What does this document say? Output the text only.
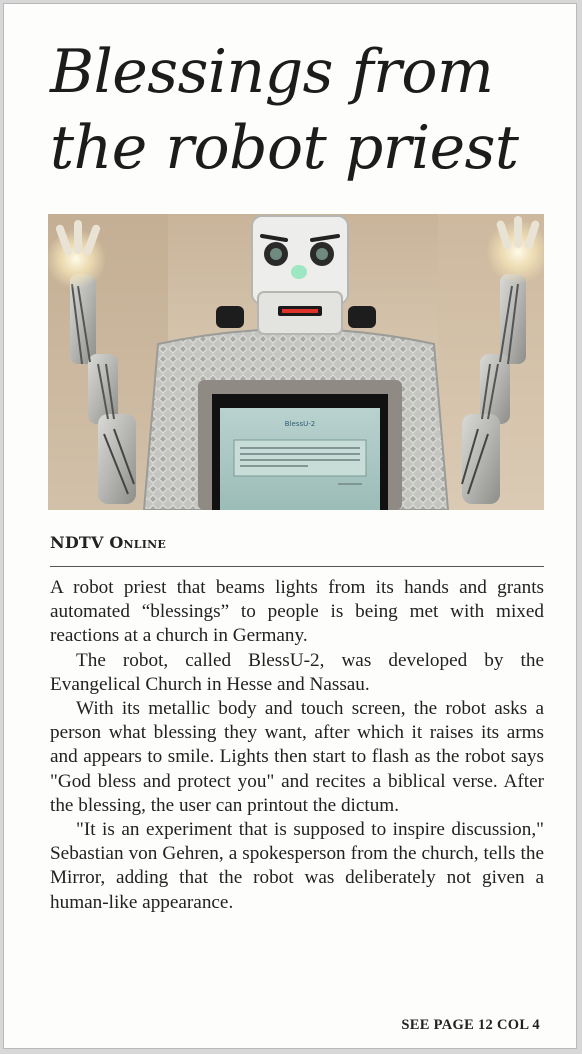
Blessings from
the robot priest
BlessU-2
NDTV Online

A robot priest that beams lights from its hands and grants automated “blessings” to people is being met with mixed reactions at a church in Germany.

The robot, called BlessU-2, was developed by the Evangelical Church in Hesse and Nassau.

With its metallic body and touch screen, the robot asks a person what blessing they want, after which it raises its arms and appears to smile. Lights then start to flash as the robot says "God bless and protect you" and recites a biblical verse. After the blessing, the user can printout the dictum.

"It is an experiment that is supposed to inspire discussion," Sebastian von Gehren, a spokesperson from the church, tells the Mirror, adding that the robot was deliberately not given a human-like appearance.

SEE PAGE 12 COL 4
